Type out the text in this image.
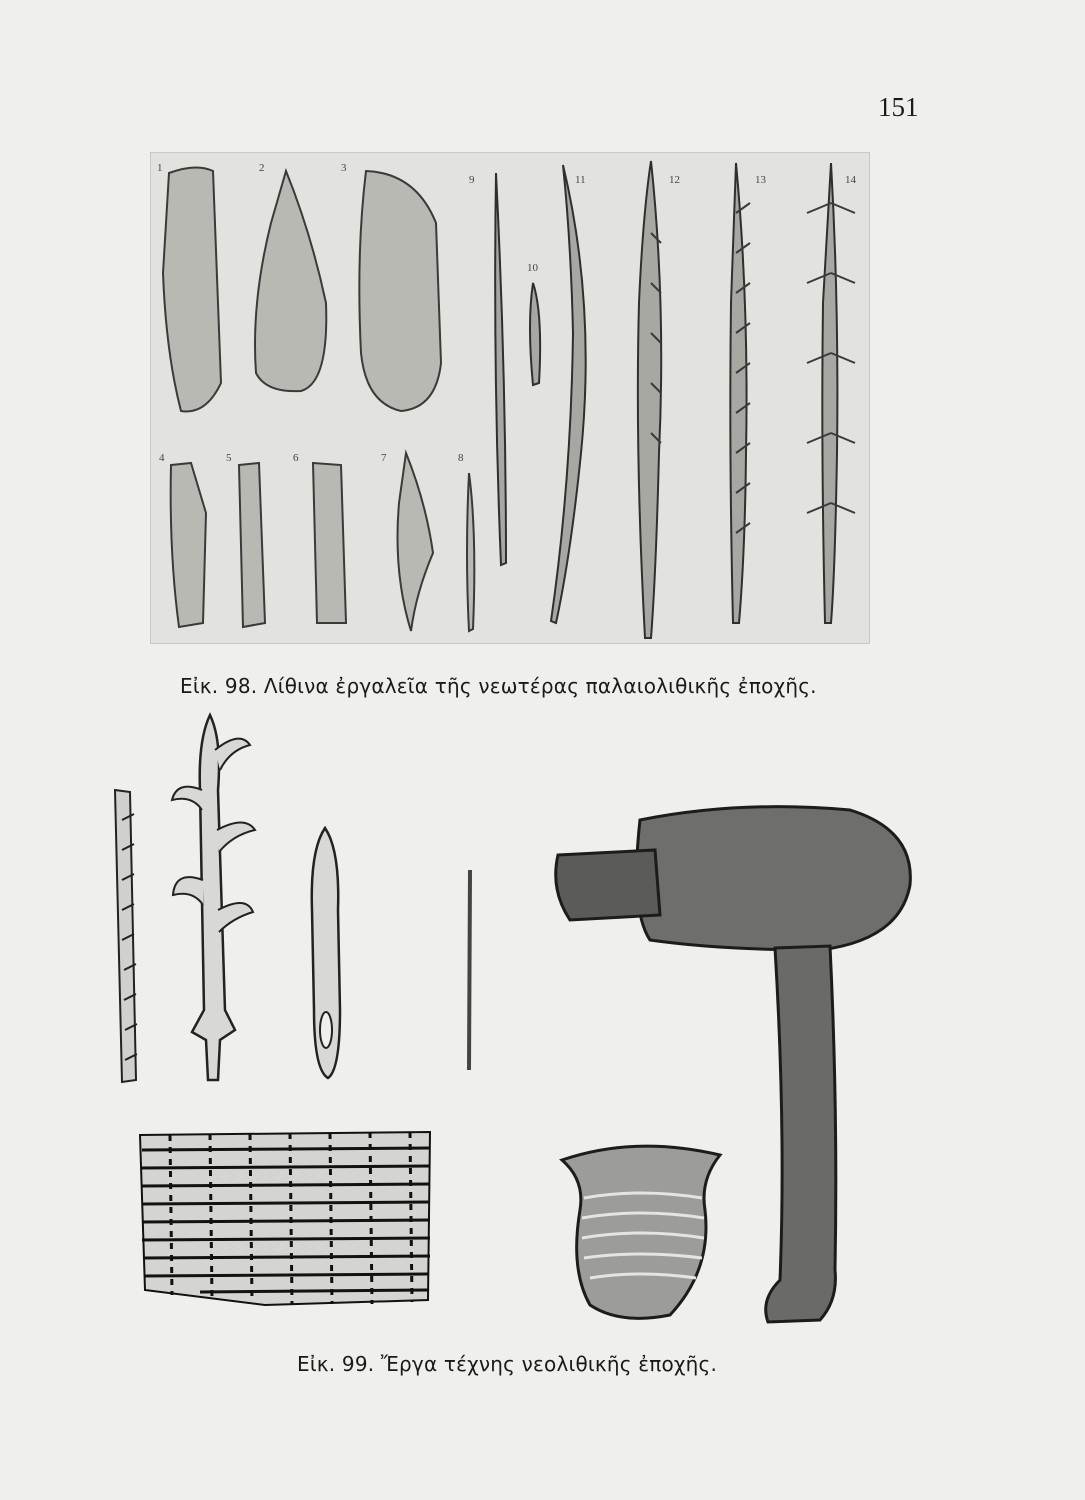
151
1	2	3
4	5	6	7	8
9
10
11	12	13	14
Εἰκ. 98. Λίθινα ἐργαλεῖα τῆς νεωτέρας παλαιολιθικῆς ἐποχῆς.
Εἰκ. 99. Ἔργα τέχνης νεολιθικῆς ἐποχῆς.
